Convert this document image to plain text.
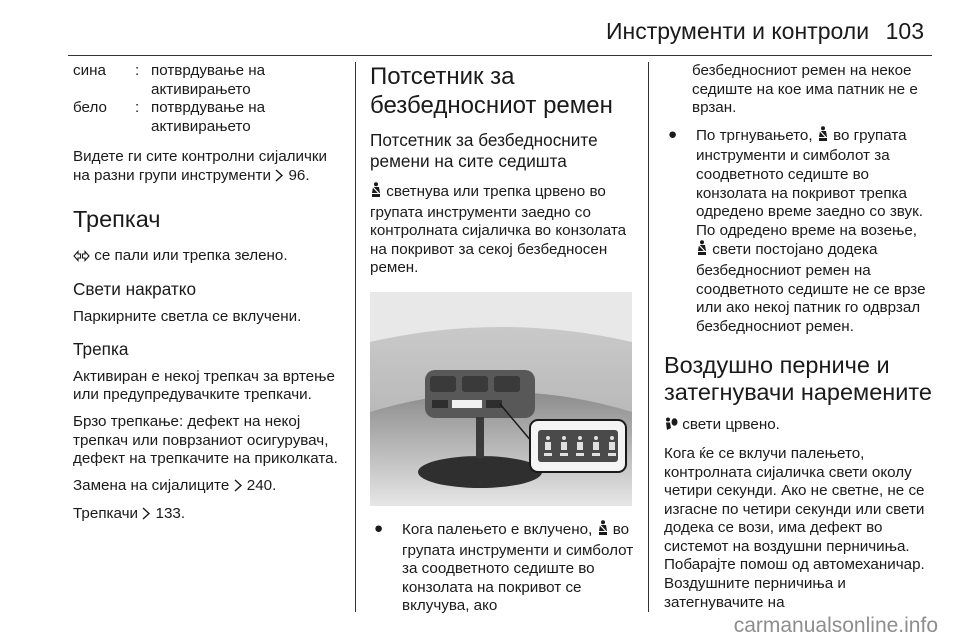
Инструменти и контроли 103
сина	: потврдување на активирањето
бело	: потврдување на активирањето

Видете ги сите контролни сијалички на разни групи инструменти 96.

Трепкач

се пали или трепка зелено.

Свети накратко

Паркирните светла се вклучени.

Трепка

Активиран е некој трепкач за вртење или предупредувачките трепкачи.

Брзо трепкање: дефект на некој трепкач или поврзаниот осигурувач, дефект на трепкачите на приколката.

Замена на сијалиците 240.

Трепкачи 133.

Потсетник за безбедносниот ремен
Потсетник за безбедносните ремени на сите седишта

светнува или трепка црвено во групата инструменти заедно со контролната сијаличка во конзолата на покривот за секој безбедносен ремен.

●	Кога палењето е вклучено, во групата инструменти и симболот за соодветното седиште во конзолата на покривот се вклучува, ако

безбедносниот ремен на некое седиште на кое има патник не е врзан.

●	По тргнувањето, во групата инструменти и симболот за соодветното седиште во конзолата на покривот трепка одредено време заедно со звук. По одредено време на возење,  свети постојано додека безбедносниот ремен на соодветното седиште не се врзе или ако некој патник го одврзал безбедносниот ремен.
Воздушно перниче и затегнувачи наремените

свети црвено.

Кога ќе се вклучи палењето, контролната сијаличка свети околу четири секунди. Ако не светне, не се изгасне по четири секунди или свети додека се вози, има дефект во системот на воздушни перничиња. Побарајте помош од автомеханичар. Воздушните перничиња и затегнувачите на

carmanualsonline.info
